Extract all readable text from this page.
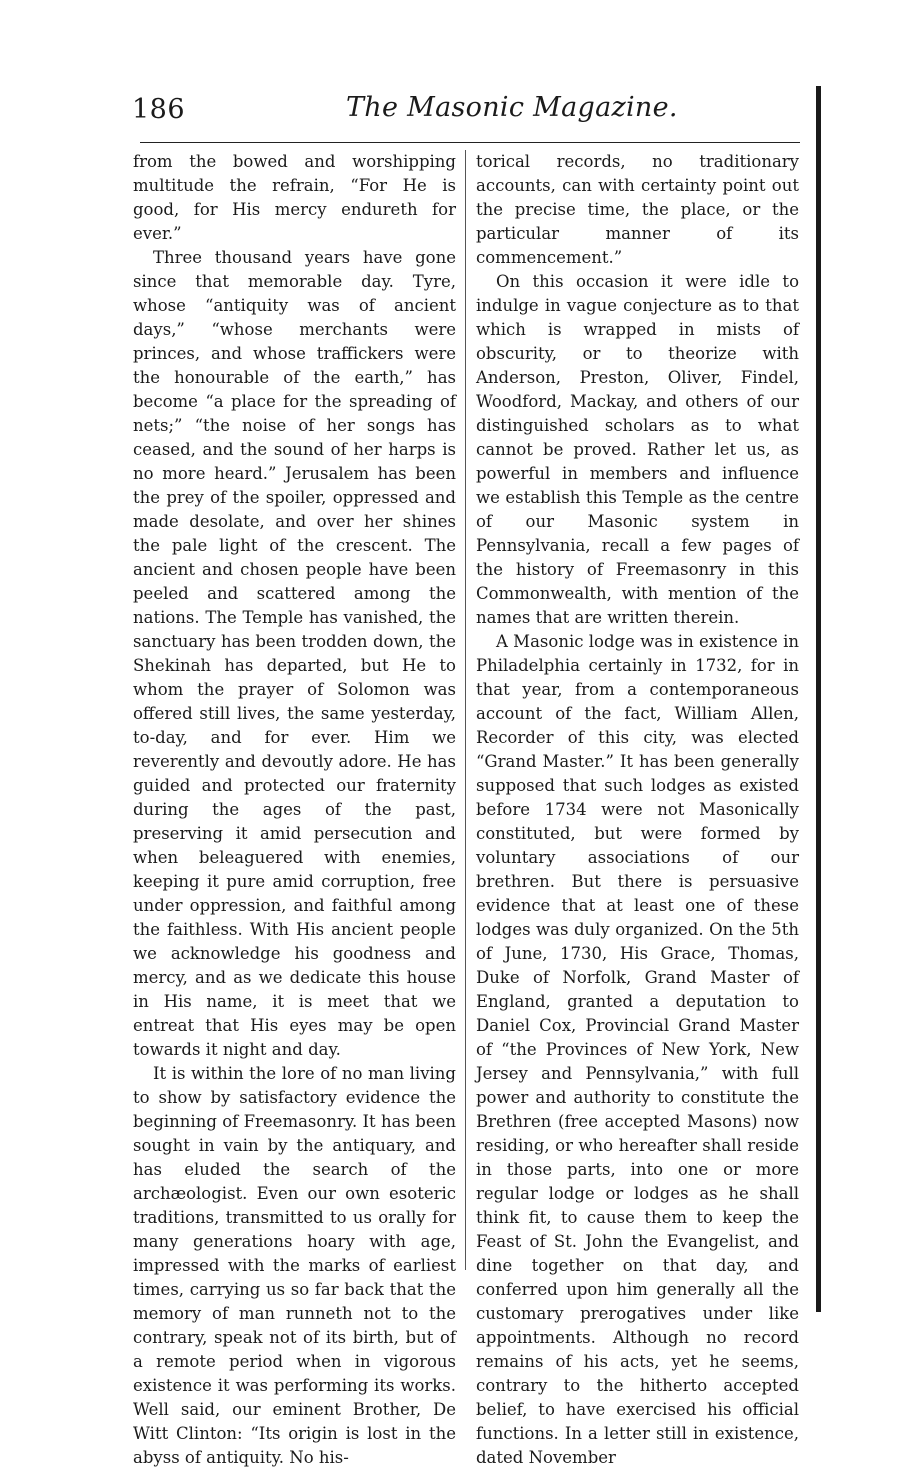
186	The Masonic Magazine.

from the bowed and worshipping multitude the refrain, “For He is good, for His mercy endureth for ever.”

Three thousand years have gone since that memorable day. Tyre, whose “antiquity was of ancient days,” “whose merchants were princes, and whose traffickers were the honourable of the earth,” has become “a place for the spreading of nets;” “the noise of her songs has ceased, and the sound of her harps is no more heard.” Jerusalem has been the prey of the spoiler, oppressed and made desolate, and over her shines the pale light of the crescent. The ancient and chosen people have been peeled and scattered among the nations. The Temple has vanished, the sanctuary has been trodden down, the Shekinah has departed, but He to whom the prayer of Solomon was offered still lives, the same yesterday, to-day, and for ever. Him we reverently and devoutly adore. He has guided and protected our fraternity during the ages of the past, preserving it amid persecution and when beleaguered with enemies, keeping it pure amid corruption, free under oppression, and faithful among the faithless. With His ancient people we acknowledge his goodness and mercy, and as we dedicate this house in His name, it is meet that we entreat that His eyes may be open towards it night and day.

It is within the lore of no man living to show by satisfactory evidence the beginning of Freemasonry. It has been sought in vain by the antiquary, and has eluded the search of the archæologist. Even our own esoteric traditions, transmitted to us orally for many generations hoary with age, impressed with the marks of earliest times, carrying us so far back that the memory of man runneth not to the contrary, speak not of its birth, but of a remote period when in vigorous existence it was performing its works. Well said, our eminent Brother, De Witt Clinton: “Its origin is lost in the abyss of antiquity. No his-

torical records, no traditionary accounts, can with certainty point out the precise time, the place, or the particular manner of its commencement.”

On this occasion it were idle to indulge in vague conjecture as to that which is wrapped in mists of obscurity, or to theorize with Anderson, Preston, Oliver, Findel, Woodford, Mackay, and others of our distinguished scholars as to what cannot be proved. Rather let us, as powerful in members and influence we establish this Temple as the centre of our Masonic system in Pennsylvania, recall a few pages of the history of Freemasonry in this Commonwealth, with mention of the names that are written therein.

A Masonic lodge was in existence in Philadelphia certainly in 1732, for in that year, from a contemporaneous account of the fact, William Allen, Recorder of this city, was elected “Grand Master.” It has been generally supposed that such lodges as existed before 1734 were not Masonically constituted, but were formed by voluntary associations of our brethren. But there is persuasive evidence that at least one of these lodges was duly organized. On the 5th of June, 1730, His Grace, Thomas, Duke of Norfolk, Grand Master of England, granted a deputation to Daniel Cox, Provincial Grand Master of “the Provinces of New York, New Jersey and Pennsylvania,” with full power and authority to constitute the Brethren (free accepted Masons) now residing, or who hereafter shall reside in those parts, into one or more regular lodge or lodges as he shall think fit, to cause them to keep the Feast of St. John the Evangelist, and dine together on that day, and conferred upon him generally all the customary prerogatives under like appointments. Although no record remains of his acts, yet he seems, contrary to the hitherto accepted belief, to have exercised his official functions. In a letter still in existence, dated November
